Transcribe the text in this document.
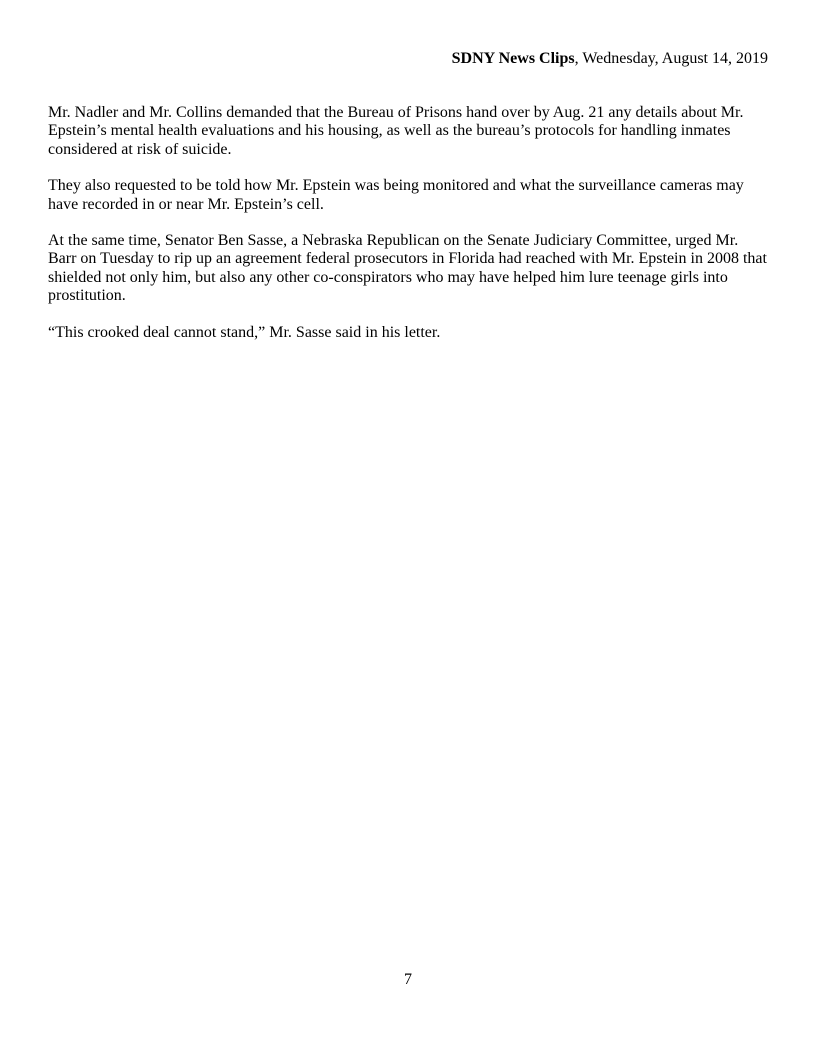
SDNY News Clips, Wednesday, August 14, 2019

Mr. Nadler and Mr. Collins demanded that the Bureau of Prisons hand over by Aug. 21 any details about Mr. Epstein’s mental health evaluations and his housing, as well as the bureau’s protocols for handling inmates considered at risk of suicide.

They also requested to be told how Mr. Epstein was being monitored and what the surveillance cameras may have recorded in or near Mr. Epstein’s cell.

At the same time, Senator Ben Sasse, a Nebraska Republican on the Senate Judiciary Committee, urged Mr. Barr on Tuesday to rip up an agreement federal prosecutors in Florida had reached with Mr. Epstein in 2008 that shielded not only him, but also any other co-conspirators who may have helped him lure teenage girls into prostitution.

“This crooked deal cannot stand,” Mr. Sasse said in his letter.

7
